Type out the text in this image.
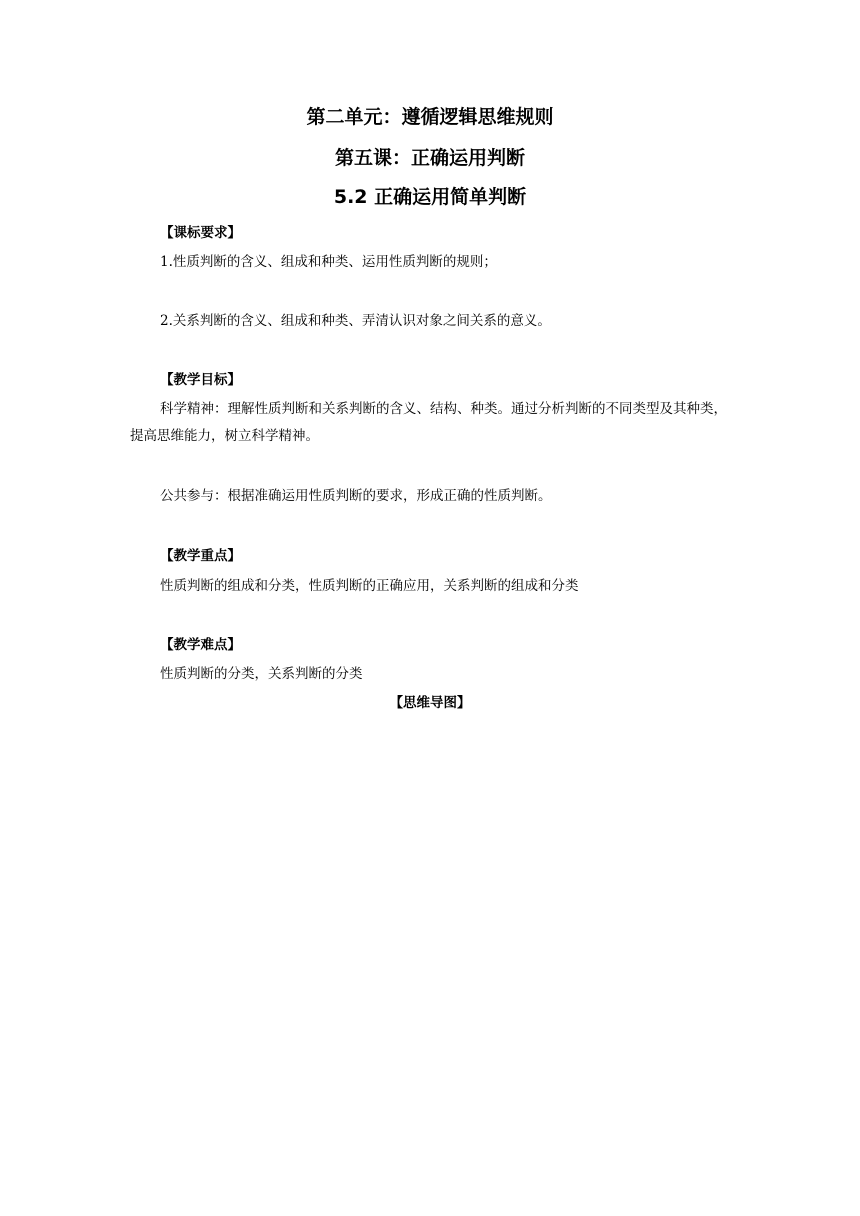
第二单元：遵循逻辑思维规则
第五课：正确运用判断
5.2 正确运用简单判断
【课标要求】
1.性质判断的含义、组成和种类、运用性质判断的规则；
2.关系判断的含义、组成和种类、弄清认识对象之间关系的意义。
【教学目标】
科学精神：理解性质判断和关系判断的含义、结构、种类。通过分析判断的不同类型及其种类，提高思维能力，树立科学精神。
公共参与：根据准确运用性质判断的要求，形成正确的性质判断。
【教学重点】
性质判断的组成和分类，性质判断的正确应用，关系判断的组成和分类
【教学难点】
性质判断的分类，关系判断的分类
【思维导图】
